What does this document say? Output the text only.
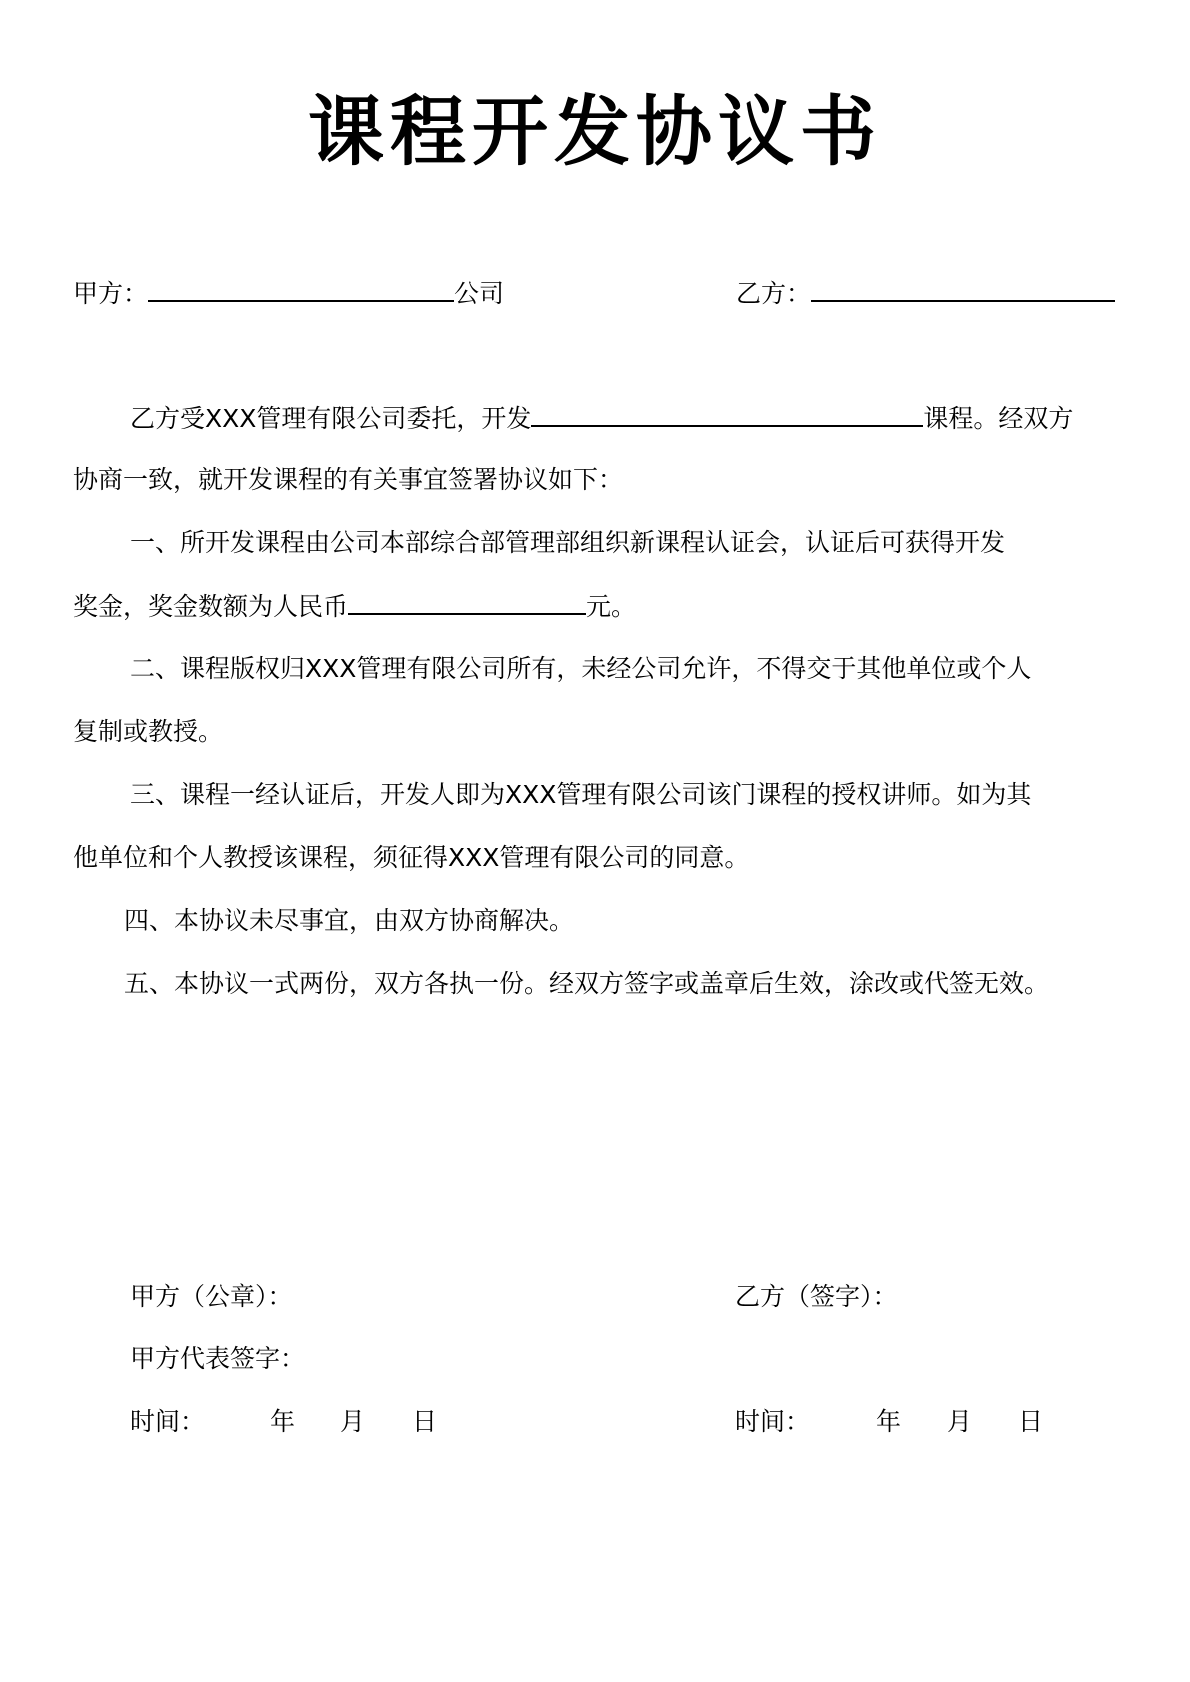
课程开发协议书
甲方：	公司	乙方：
乙方受XXX管理有限公司委托，开发	课程。经双方
协商一致，就开发课程的有关事宜签署协议如下：
一、所开发课程由公司本部综合部管理部组织新课程认证会，认证后可获得开发
奖金，奖金数额为人民币	元。
二、课程版权归XXX管理有限公司所有，未经公司允许，不得交于其他单位或个人
复制或教授。
三、课程一经认证后，开发人即为XXX管理有限公司该门课程的授权讲师。如为其
他单位和个人教授该课程，须征得XXX管理有限公司的同意。
四、本协议未尽事宜，由双方协商解决。
五、本协议一式两份，双方各执一份。经双方签字或盖章后生效，涂改或代签无效。
甲方（公章）：	乙方（签字）：
甲方代表签字：
时间：	年 月 日	时间：	年 月 日
